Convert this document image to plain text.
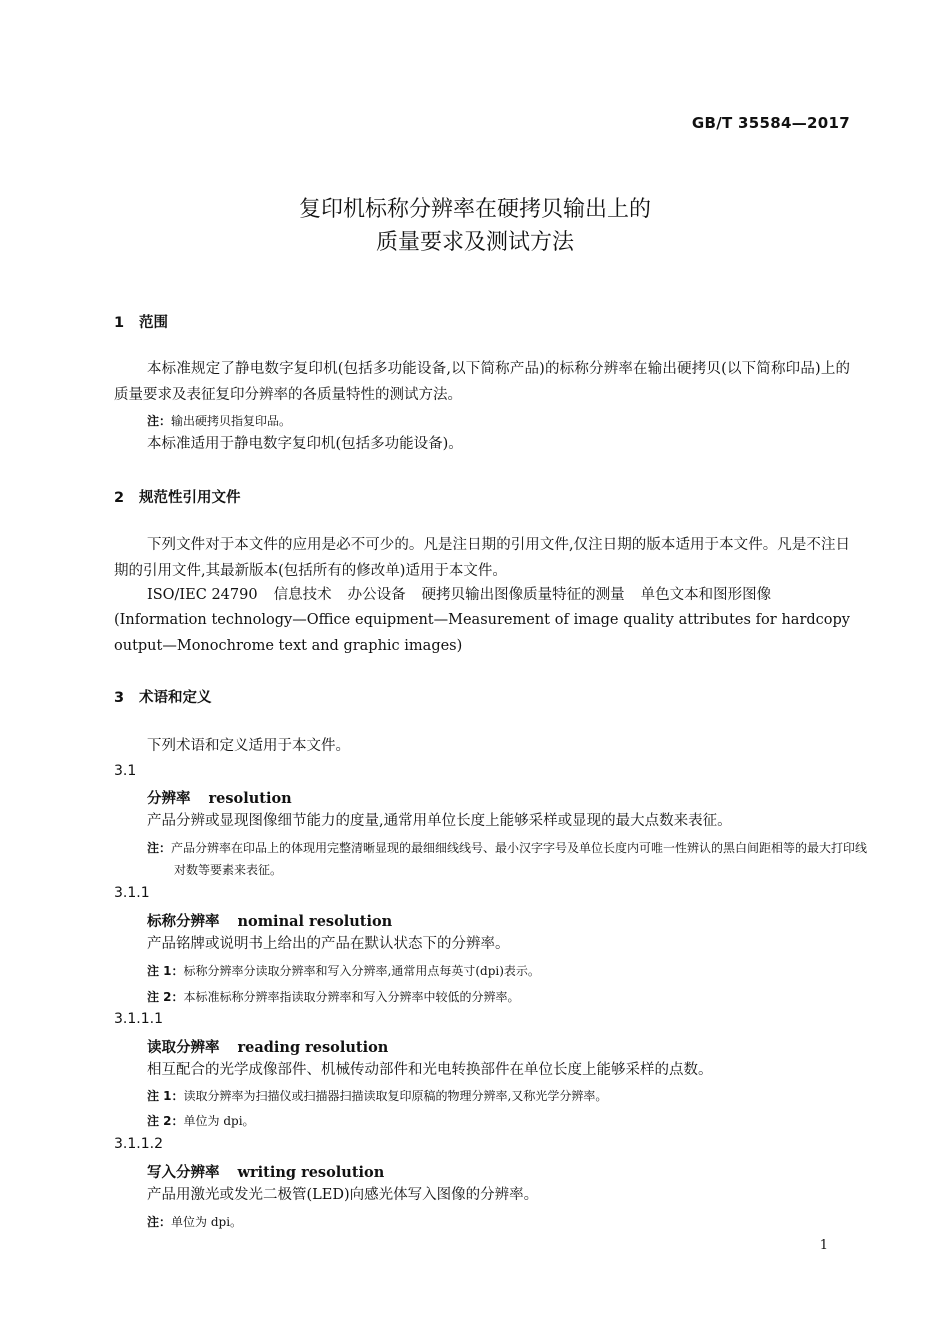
GB/T 35584—2017
复印机标称分辨率在硬拷贝输出上的
质量要求及测试方法
1 范围
本标准规定了静电数字复印机(包括多功能设备,以下简称产品)的标称分辨率在输出硬拷贝(以下简称印品)上的质量要求及表征复印分辨率的各质量特性的测试方法。
注：输出硬拷贝指复印品。
本标准适用于静电数字复印机(包括多功能设备)。
2 规范性引用文件
下列文件对于本文件的应用是必不可少的。凡是注日期的引用文件,仅注日期的版本适用于本文件。凡是不注日期的引用文件,其最新版本(包括所有的修改单)适用于本文件。
ISO/IEC 24790 信息技术 办公设备 硬拷贝输出图像质量特征的测量 单色文本和图形图像
(Information technology—Office equipment—Measurement of image quality attributes for hardcopy output—Monochrome text and graphic images)
3 术语和定义
下列术语和定义适用于本文件。
3.1
分辨率 resolution
产品分辨或显现图像细节能力的度量,通常用单位长度上能够采样或显现的最大点数来表征。
注：产品分辨率在印品上的体现用完整清晰显现的最细细线线号、最小汉字字号及单位长度内可唯一性辨认的黑白间距相等的最大打印线对数等要素来表征。
3.1.1
标称分辨率 nominal resolution
产品铭牌或说明书上给出的产品在默认状态下的分辨率。
注 1：标称分辨率分读取分辨率和写入分辨率,通常用点每英寸(dpi)表示。
注 2：本标准标称分辨率指读取分辨率和写入分辨率中较低的分辨率。
3.1.1.1
读取分辨率 reading resolution
相互配合的光学成像部件、机械传动部件和光电转换部件在单位长度上能够采样的点数。
注 1：读取分辨率为扫描仪或扫描器扫描读取复印原稿的物理分辨率,又称光学分辨率。
注 2：单位为 dpi。
3.1.1.2
写入分辨率 writing resolution
产品用激光或发光二极管(LED)向感光体写入图像的分辨率。
注：单位为 dpi。
1
